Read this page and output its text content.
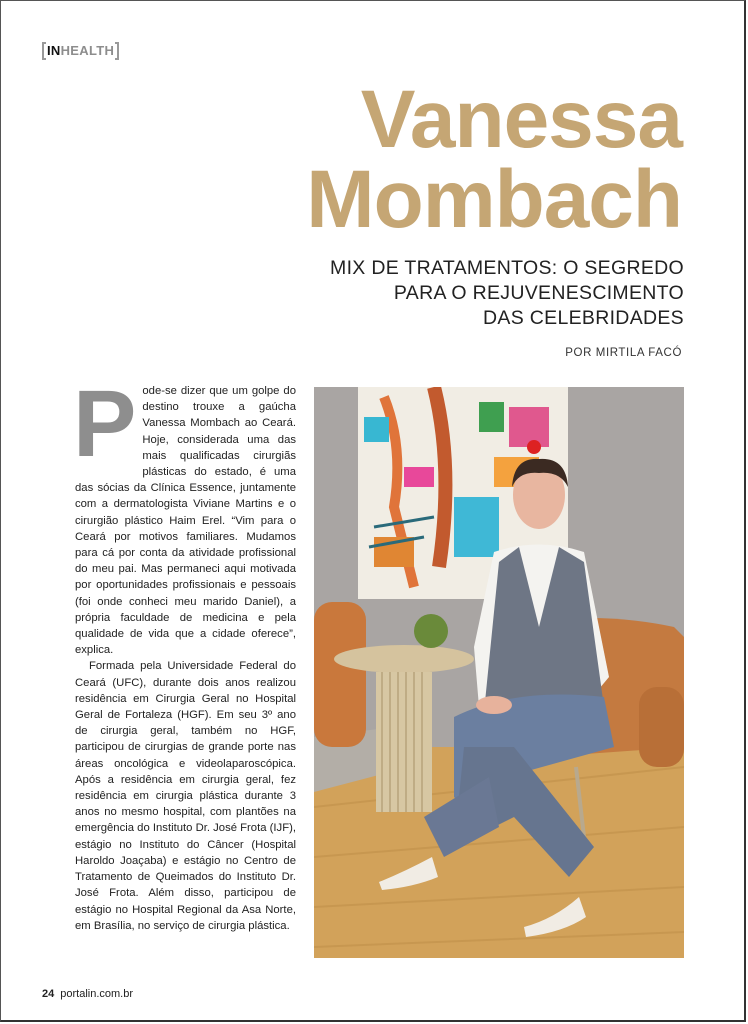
INHEALTH
Vanessa
Mombach
MIX DE TRATAMENTOS: O SEGREDO
PARA O REJUVENESCIMENTO
DAS CELEBRIDADES
POR MIRTILA FACÓ
P ode-se dizer que um golpe do destino trouxe a gaúcha Vanessa Mombach ao Ceará. Hoje, considerada uma das mais qualificadas cirurgiãs plásticas do estado, é uma das sócias da Clínica Essence, juntamente com a dermatologista Viviane Martins e o cirurgião plástico Haim Erel. “Vim para o Ceará por motivos familiares. Mudamos para cá por conta da atividade profissional do meu pai. Mas permaneci aqui motivada por oportunidades profissionais e pessoais (foi onde conheci meu marido Daniel), a própria faculdade de medicina e pela qualidade de vida que a cidade oferece”, explica.

Formada pela Universidade Federal do Ceará (UFC), durante dois anos realizou residência em Cirurgia Geral no Hospital Geral de Fortaleza (HGF). Em seu 3º ano de cirurgia geral, também no HGF, participou de cirurgias de grande porte nas áreas oncológica e videolaparoscópica. Após a residência em cirurgia geral, fez residência em cirurgia plástica durante 3 anos no mesmo hospital, com plantões na emergência do Instituto Dr. José Frota (IJF), estágio no Instituto do Câncer (Hospital Haroldo Joaçaba) e estágio no Centro de Tratamento de Queimados do Instituto Dr. José Frota. Além disso, participou de estágio no Hospital Regional da Asa Norte, em Brasília, no serviço de cirurgia plástica.

24 portalin.com.br
